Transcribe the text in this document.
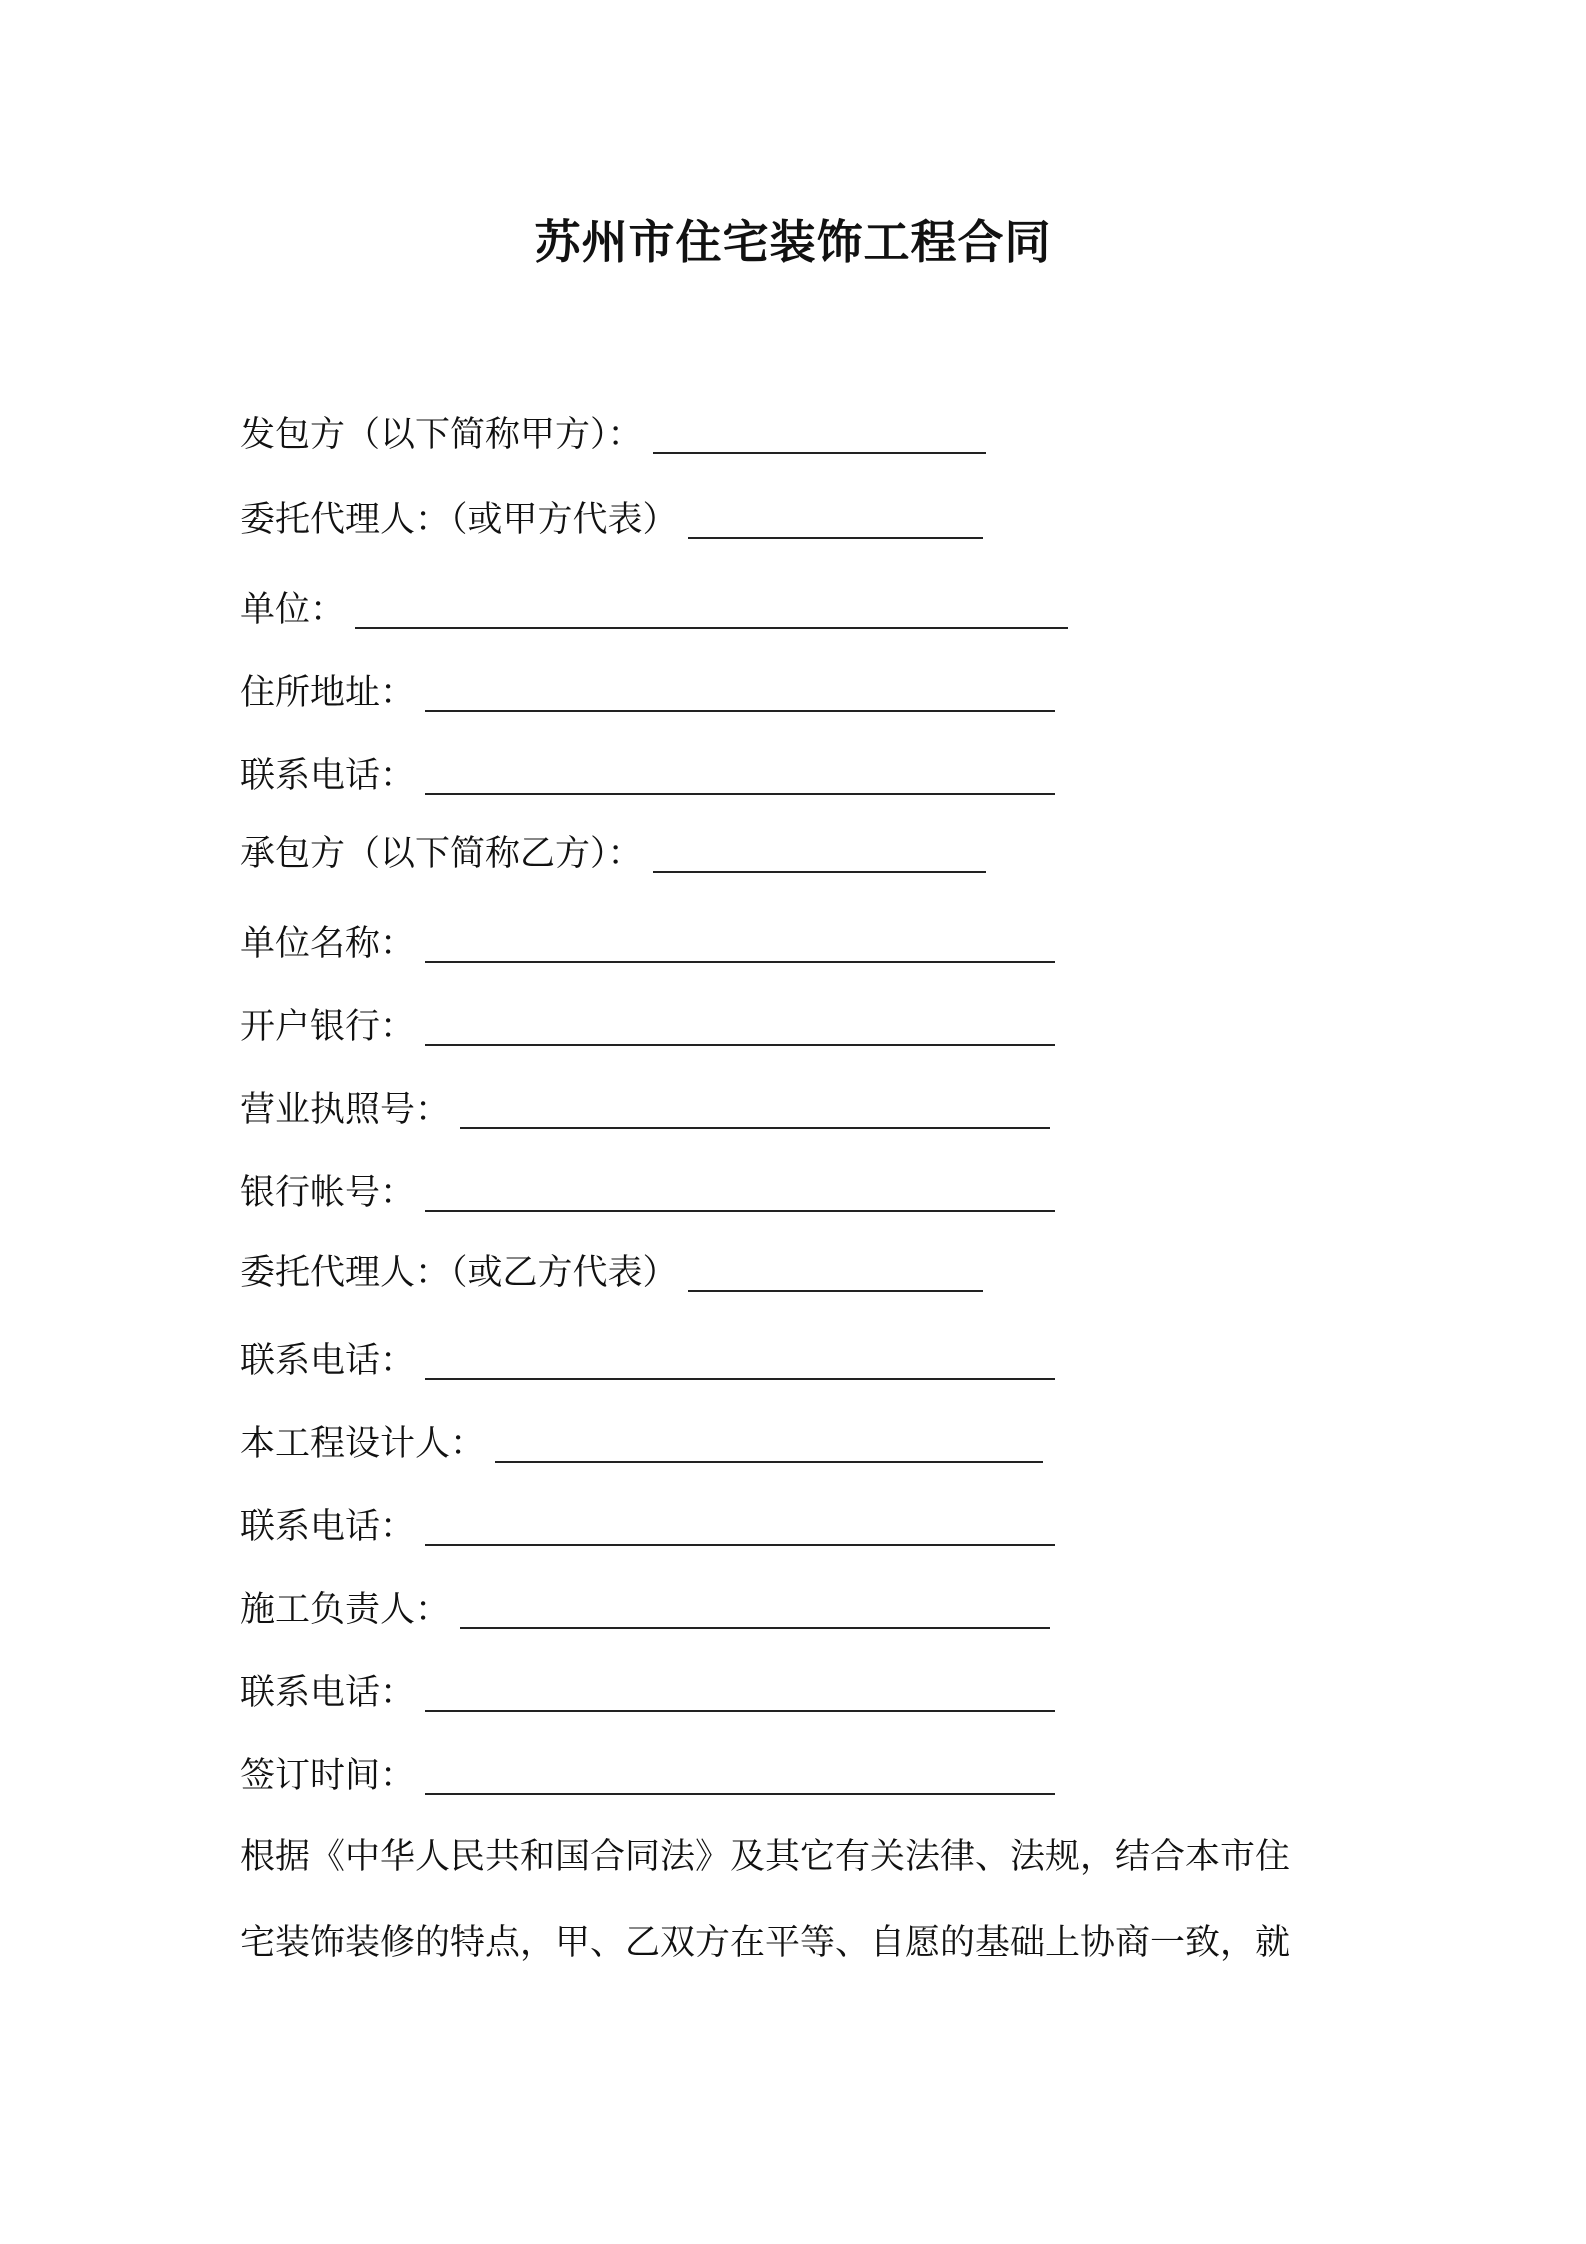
苏州市住宅装饰工程合同
发包方（以下简称甲方）：
委托代理人：（或甲方代表）
单位：
住所地址：
联系电话：
承包方（以下简称乙方）：
单位名称：
开户银行：
营业执照号：
银行帐号：
委托代理人：（或乙方代表）
联系电话：
本工程设计人：
联系电话：
施工负责人：
联系电话：
签订时间：
根据《中华人民共和国合同法》及其它有关法律、法规，结合本市住
宅装饰装修的特点，甲、乙双方在平等、自愿的基础上协商一致，就
